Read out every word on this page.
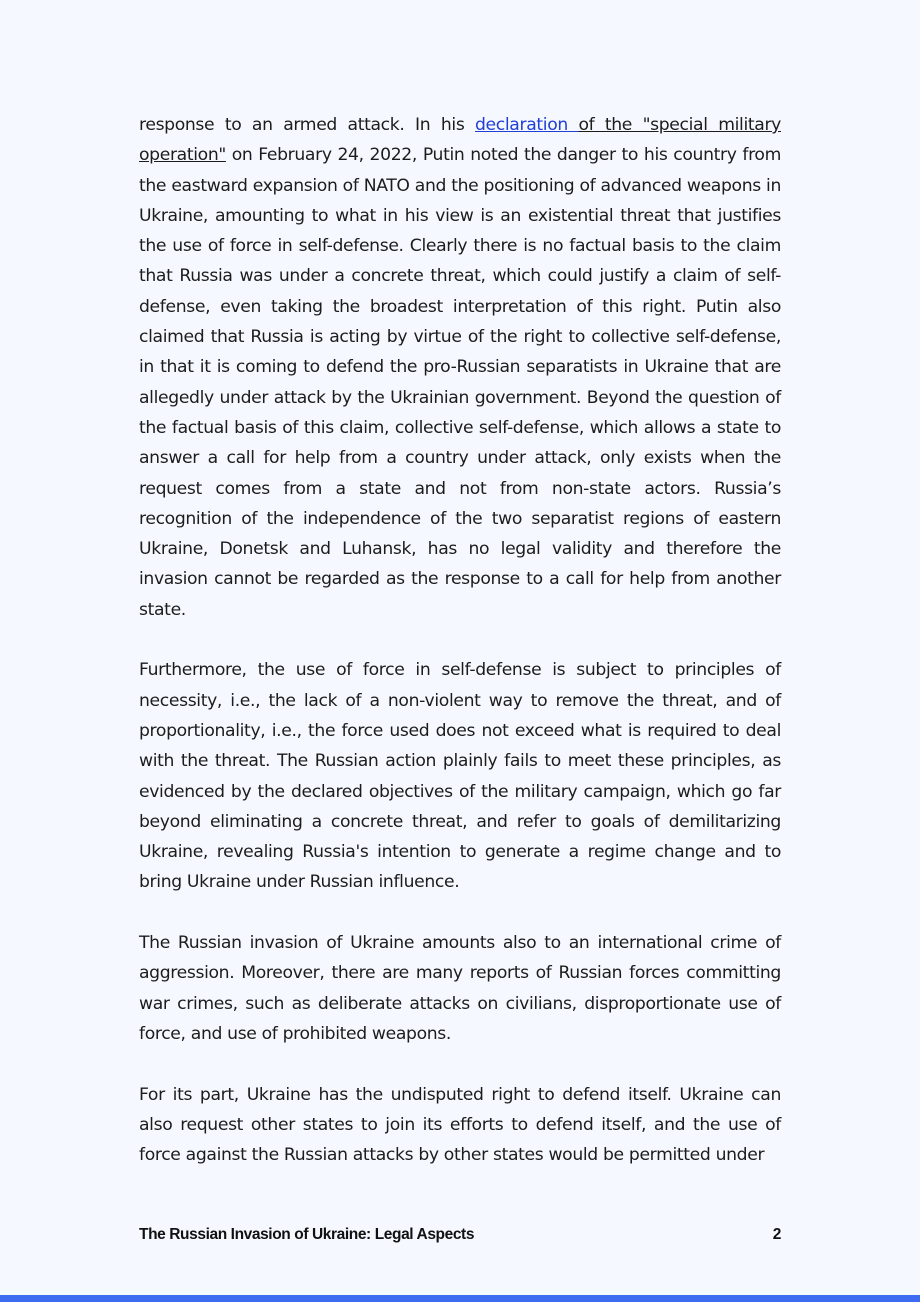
response to an armed attack. In his declaration of the "special military operation" on February 24, 2022, Putin noted the danger to his country from the eastward expansion of NATO and the positioning of advanced weapons in Ukraine, amounting to what in his view is an existential threat that justifies the use of force in self-defense. Clearly there is no factual basis to the claim that Russia was under a concrete threat, which could justify a claim of self-defense, even taking the broadest interpretation of this right. Putin also claimed that Russia is acting by virtue of the right to collective self-defense, in that it is coming to defend the pro-Russian separatists in Ukraine that are allegedly under attack by the Ukrainian government. Beyond the question of the factual basis of this claim, collective self-defense, which allows a state to answer a call for help from a country under attack, only exists when the request comes from a state and not from non-state actors. Russia’s recognition of the independence of the two separatist regions of eastern Ukraine, Donetsk and Luhansk, has no legal validity and therefore the invasion cannot be regarded as the response to a call for help from another state.

Furthermore, the use of force in self-defense is subject to principles of necessity, i.e., the lack of a non-violent way to remove the threat, and of proportionality, i.e., the force used does not exceed what is required to deal with the threat. The Russian action plainly fails to meet these principles, as evidenced by the declared objectives of the military campaign, which go far beyond eliminating a concrete threat, and refer to goals of demilitarizing Ukraine, revealing Russia's intention to generate a regime change and to bring Ukraine under Russian influence.

The Russian invasion of Ukraine amounts also to an international crime of aggression. Moreover, there are many reports of Russian forces committing war crimes, such as deliberate attacks on civilians, disproportionate use of force, and use of prohibited weapons.

For its part, Ukraine has the undisputed right to defend itself. Ukraine can also request other states to join its efforts to defend itself, and the use of force against the Russian attacks by other states would be permitted under

The Russian Invasion of Ukraine: Legal Aspects	2
